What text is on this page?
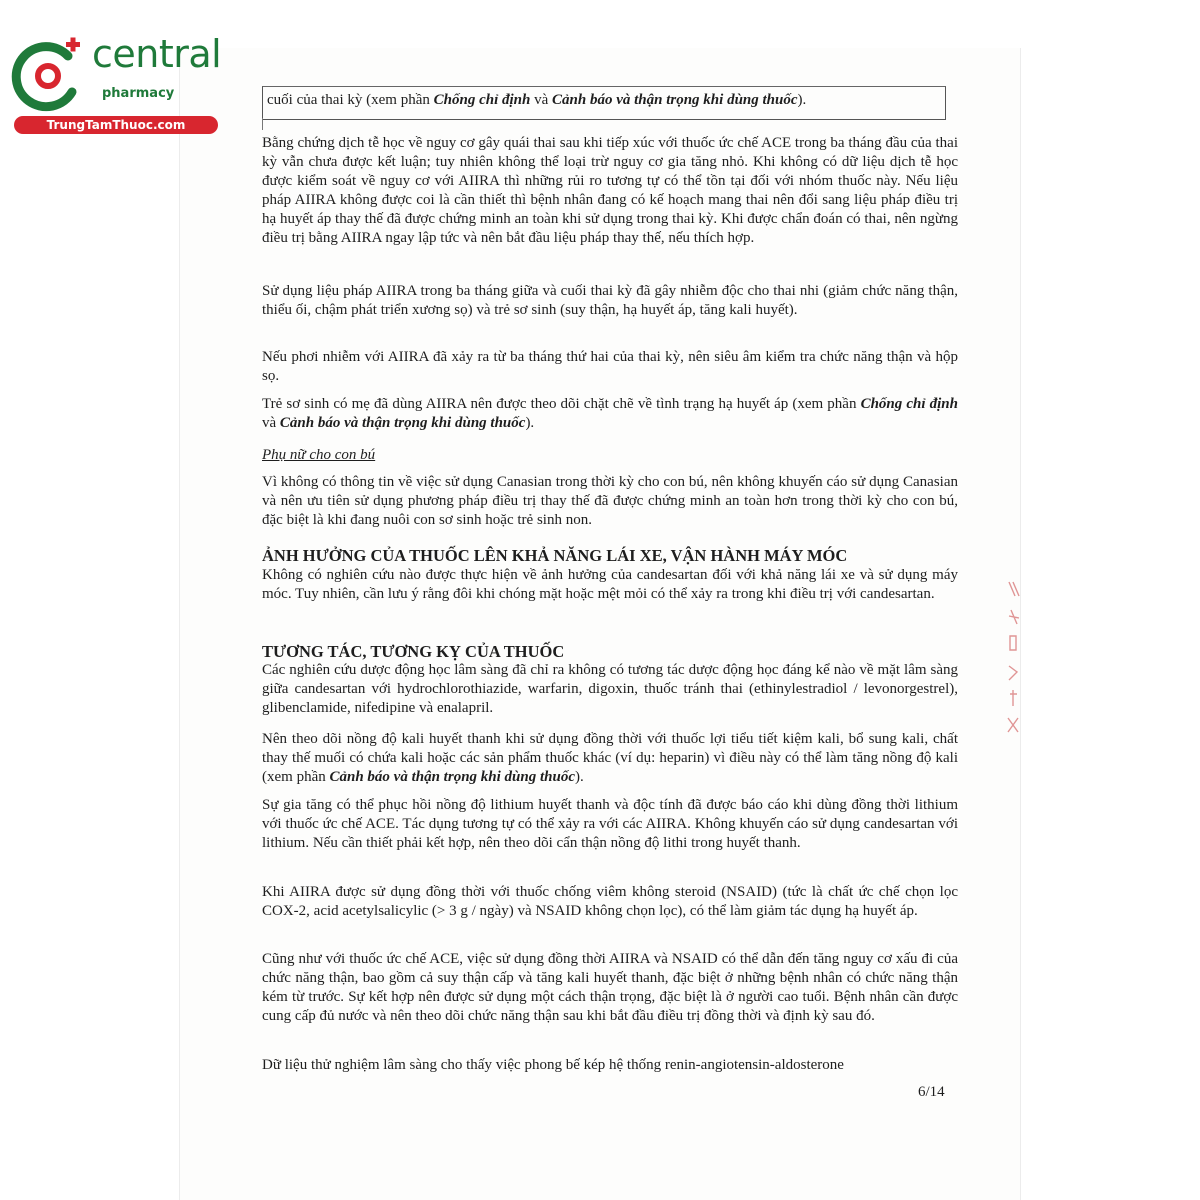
central
pharmacy
TrungTamThuoc.com
cuối của thai kỳ (xem phần Chống chỉ định và Cảnh báo và thận trọng khi dùng thuốc).

Bằng chứng dịch tễ học về nguy cơ gây quái thai sau khi tiếp xúc với thuốc ức chế ACE trong ba tháng đầu của thai kỳ vẫn chưa được kết luận; tuy nhiên không thể loại trừ nguy cơ gia tăng nhỏ. Khi không có dữ liệu dịch tễ học được kiểm soát về nguy cơ với AIIRA thì những rủi ro tương tự có thể tồn tại đối với nhóm thuốc này. Nếu liệu pháp AIIRA không được coi là cần thiết thì bệnh nhân đang có kế hoạch mang thai nên đổi sang liệu pháp điều trị hạ huyết áp thay thế đã được chứng minh an toàn khi sử dụng trong thai kỳ. Khi được chẩn đoán có thai, nên ngừng điều trị bằng AIIRA ngay lập tức và nên bắt đầu liệu pháp thay thế, nếu thích hợp.

Sử dụng liệu pháp AIIRA trong ba tháng giữa và cuối thai kỳ đã gây nhiễm độc cho thai nhi (giảm chức năng thận, thiểu ối, chậm phát triển xương sọ) và trẻ sơ sinh (suy thận, hạ huyết áp, tăng kali huyết).

Nếu phơi nhiễm với AIIRA đã xảy ra từ ba tháng thứ hai của thai kỳ, nên siêu âm kiểm tra chức năng thận và hộp sọ.

Trẻ sơ sinh có mẹ đã dùng AIIRA nên được theo dõi chặt chẽ về tình trạng hạ huyết áp (xem phần Chống chỉ định và Cảnh báo và thận trọng khi dùng thuốc).

Phụ nữ cho con bú

Vì không có thông tin về việc sử dụng Canasian trong thời kỳ cho con bú, nên không khuyến cáo sử dụng Canasian và nên ưu tiên sử dụng phương pháp điều trị thay thế đã được chứng minh an toàn hơn trong thời kỳ cho con bú, đặc biệt là khi đang nuôi con sơ sinh hoặc trẻ sinh non.

ẢNH HƯỞNG CỦA THUỐC LÊN KHẢ NĂNG LÁI XE, VẬN HÀNH MÁY MÓC

Không có nghiên cứu nào được thực hiện về ảnh hưởng của candesartan đối với khả năng lái xe và sử dụng máy móc. Tuy nhiên, cần lưu ý rằng đôi khi chóng mặt hoặc mệt mỏi có thể xảy ra trong khi điều trị với candesartan.

TƯƠNG TÁC, TƯƠNG KỴ CỦA THUỐC

Các nghiên cứu dược động học lâm sàng đã chỉ ra không có tương tác dược động học đáng kể nào về mặt lâm sàng giữa candesartan với hydrochlorothiazide, warfarin, digoxin, thuốc tránh thai (ethinylestradiol / levonorgestrel), glibenclamide, nifedipine và enalapril.

Nên theo dõi nồng độ kali huyết thanh khi sử dụng đồng thời với thuốc lợi tiểu tiết kiệm kali, bổ sung kali, chất thay thế muối có chứa kali hoặc các sản phẩm thuốc khác (ví dụ: heparin) vì điều này có thể làm tăng nồng độ kali (xem phần Cảnh báo và thận trọng khi dùng thuốc).

Sự gia tăng có thể phục hồi nồng độ lithium huyết thanh và độc tính đã được báo cáo khi dùng đồng thời lithium với thuốc ức chế ACE. Tác dụng tương tự có thể xảy ra với các AIIRA. Không khuyến cáo sử dụng candesartan với lithium. Nếu cần thiết phải kết hợp, nên theo dõi cẩn thận nồng độ lithi trong huyết thanh.

Khi AIIRA được sử dụng đồng thời với thuốc chống viêm không steroid (NSAID) (tức là chất ức chế chọn lọc COX-2, acid acetylsalicylic (> 3 g / ngày) và NSAID không chọn lọc), có thể làm giảm tác dụng hạ huyết áp.

Cũng như với thuốc ức chế ACE, việc sử dụng đồng thời AIIRA và NSAID có thể dẫn đến tăng nguy cơ xấu đi của chức năng thận, bao gồm cả suy thận cấp và tăng kali huyết thanh, đặc biệt ở những bệnh nhân có chức năng thận kém từ trước. Sự kết hợp nên được sử dụng một cách thận trọng, đặc biệt là ở người cao tuổi. Bệnh nhân cần được cung cấp đủ nước và nên theo dõi chức năng thận sau khi bắt đầu điều trị đồng thời và định kỳ sau đó.

Dữ liệu thử nghiệm lâm sàng cho thấy việc phong bế kép hệ thống renin-angiotensin-aldosterone

6/14
